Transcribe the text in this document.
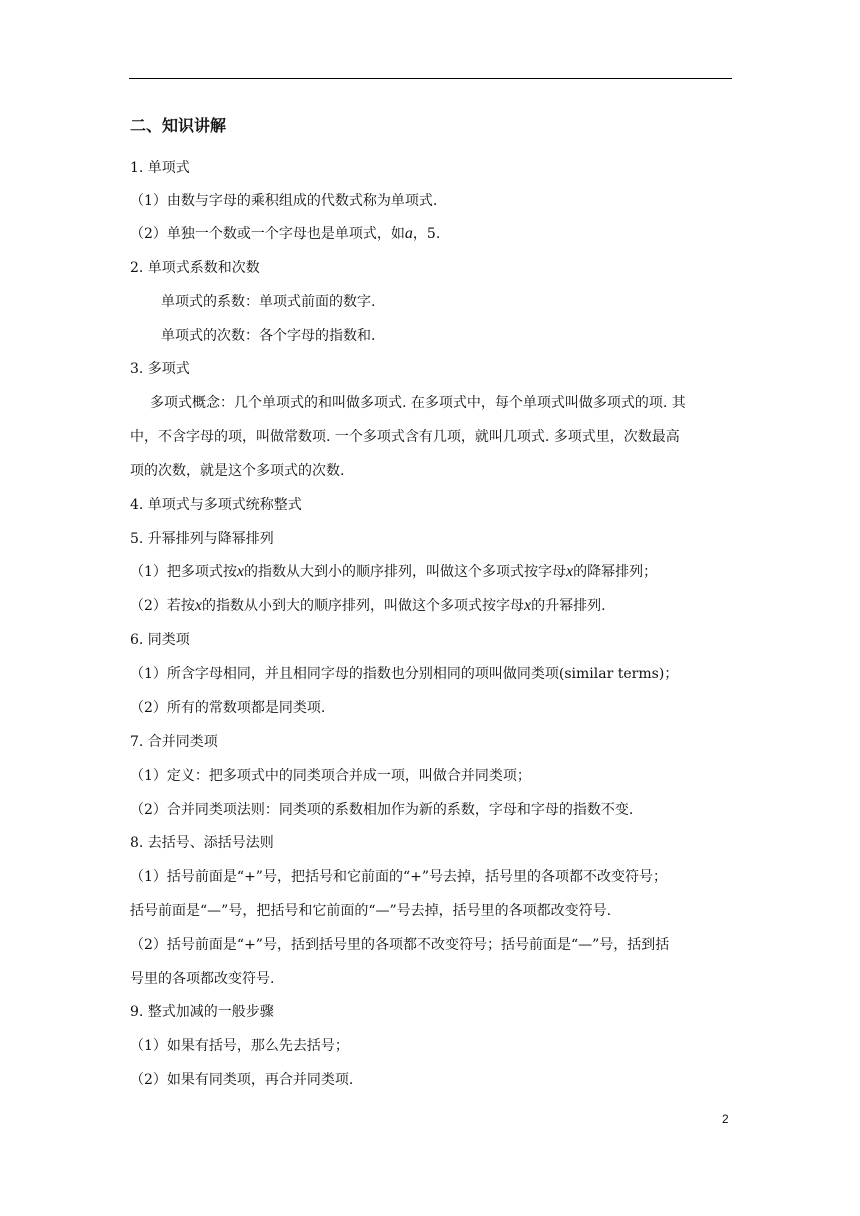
二、知识讲解
1. 单项式
（1）由数与字母的乘积组成的代数式称为单项式.
（2）单独一个数或一个字母也是单项式，如a，5.
2. 单项式系数和次数
单项式的系数：单项式前面的数字.
单项式的次数：各个字母的指数和.
3. 多项式
多项式概念：几个单项式的和叫做多项式. 在多项式中，每个单项式叫做多项式的项. 其
中，不含字母的项，叫做常数项. 一个多项式含有几项，就叫几项式. 多项式里，次数最高
项的次数，就是这个多项式的次数.
4. 单项式与多项式统称整式
5. 升幂排列与降幂排列
（1）把多项式按x的指数从大到小的顺序排列，叫做这个多项式按字母x的降幂排列；
（2）若按x的指数从小到大的顺序排列，叫做这个多项式按字母x的升幂排列.
6. 同类项
（1）所含字母相同，并且相同字母的指数也分别相同的项叫做同类项(similar terms)；
（2）所有的常数项都是同类项.
7. 合并同类项
（1）定义：把多项式中的同类项合并成一项，叫做合并同类项；
（2）合并同类项法则：同类项的系数相加作为新的系数，字母和字母的指数不变.
8. 去括号、添括号法则
（1）括号前面是“+”号，把括号和它前面的“+”号去掉，括号里的各项都不改变符号；
括号前面是“—”号，把括号和它前面的“—”号去掉，括号里的各项都改变符号.
（2）括号前面是“+”号，括到括号里的各项都不改变符号；括号前面是“—”号，括到括
号里的各项都改变符号.
9. 整式加减的一般步骤
（1）如果有括号，那么先去括号；
（2）如果有同类项，再合并同类项.
2
